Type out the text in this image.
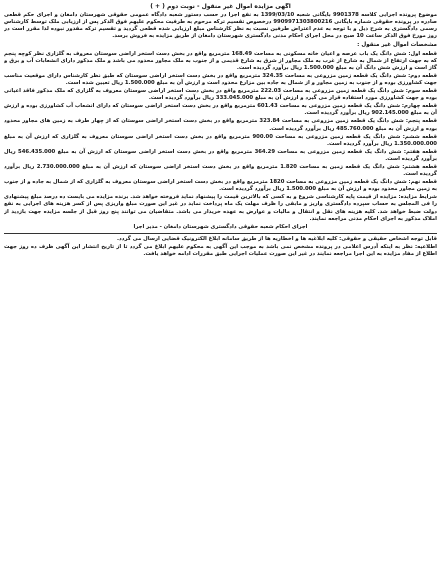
آگهی مزایده اموال غیر منقول - نوبت دوم ( + )
موضوع پرونده اجرایی کلاسه 9901378 بایگانی شعبه 1399/03/10 به نفع اجرا در حسب دستور شعبه دادگاه عمومی حقوقی شهرستان دامغان و اجرای حکم قطعی صادره در پرونده حقوقی شماره بایگانی 9909971303800216 درخصوص تقسیم ترکه مرحوم به طرفیت محکوم علیهم فوق الذکر پس از ارزیابی ملک توسط کارشناس رسمی دادگستری به شرح ذیل و با توجه به عدم اعتراض طرفین نسبت به نظر کارشناس مبلغ ارزیابی شده قطعی گردید و تقسیم ترکه مقدور نبوده لذا مقرر است در روز مورخ فوق الذکر ساعت 10 صبح در محل اجرای احکام مدنی دادگستری شهرستان دامغان از طریق مزایده به فروش برسد.
مشخصات اموال غیر منقول :
قطعه اول: شش دانگ یک باب عرصه و اعیان خانه مسکونی به مساحت 168.49 مترمربع واقع در بخش دست استخر اراضی سوستان معروف به گلزاری نظر کوچه پنجم که به جهت ارتفاع از شمال به شارع از غرب به ملک مجاور از شرق به شارع قدیمی و از جنوب به ملک مجاور محدود می باشد و ملک مذکور دارای انشعابات آب و برق و گاز است و ارزش شش دانگ آن به مبلغ 1.500.000 ریال برآورد گردیده است.
قطعه دوم: شش دانگ یک قطعه زمین مزروعی به مساحت 324.35 مترمربع واقع در بخش دست استخر اراضی سوستان که طبق نظر کارشناس دارای موقعیت مناسب جهت کشاورزی بوده و از جنوب به زمین مجاور و از شمال به جاده بین مزارع محدود است و ارزش آن به مبلغ 1.500.000 ریال تعیین شده است.
قطعه سوم: شش دانگ یک قطعه زمین مزروعی به مساحت 222.03 مترمربع واقع در بخش دست استخر اراضی سوستان معروف به گلزاری که ملک مذکور فاقد اعیانی بوده و جهت کشاورزی مورد استفاده قرار می گیرد و ارزش آن به مبلغ 333.045.000 ریال برآورد گردیده است.
قطعه چهارم: شش دانگ یک قطعه زمین مزروعی به مساحت 601.43 مترمربع واقع در بخش دست استخر اراضی سوستان که دارای انشعاب آب کشاورزی بوده و ارزش آن به مبلغ 902.145.000 ریال برآورد گردیده است.
قطعه پنجم: شش دانگ یک قطعه زمین مزروعی به مساحت 323.84 مترمربع واقع در بخش دست استخر اراضی سوستان که از چهار طرف به زمین های مجاور محدود بوده و ارزش آن به مبلغ 485.760.000 ریال برآورد گردیده است.
قطعه ششم: شش دانگ یک قطعه زمین مزروعی به مساحت 900.00 مترمربع واقع در بخش دست استخر اراضی سوستان معروف به گلزاری که ارزش آن به مبلغ 1.350.000.000 ریال برآورد گردیده است.
قطعه هفتم: شش دانگ یک قطعه زمین مزروعی به مساحت 364.29 مترمربع واقع در بخش دست استخر اراضی سوستان که ارزش آن به مبلغ 546.435.000 ریال برآورد گردیده است.
قطعه هشتم: شش دانگ یک قطعه زمین به مساحت 1.820 مترمربع واقع در بخش دست استخر اراضی سوستان که ارزش آن به مبلغ 2.730.000.000 ریال برآورد گردیده است.
قطعه نهم: شش دانگ یک قطعه زمین مزروعی به مساحت 1820 مترمربع واقع در بخش دست استخر اراضی سوستان معروف به گلزاری که از شمال به جاده و از جنوب به زمین مجاور محدود بوده و ارزش آن به مبلغ 1.500.000 ریال برآورد گردیده است.
شرایط مزایده: مزایده از قیمت پایه کارشناسی شروع و به کسی که بالاترین قیمت را پیشنهاد نماید فروخته خواهد شد. برنده مزایده می بایست ده درصد مبلغ پیشنهادی را فی المجلس به حساب سپرده دادگستری واریز و مابقی را ظرف مهلت یک ماه پرداخت نماید در غیر این صورت مبلغ واریزی پس از کسر هزینه های اجرایی به نفع دولت ضبط خواهد شد. کلیه هزینه های نقل و انتقال و مالیات و عوارض به عهده خریدار می باشد. متقاضیان می توانند پنج روز قبل از جلسه مزایده جهت بازدید از املاک مذکور به اجرای احکام مدنی مراجعه نمایند.
اجرای احکام شعبه حقوقی دادگستری شهرستان دامغان - مدیر اجرا
قابل توجه اشخاص حقیقی و حقوقی: کلیه ابلاغیه ها و اخطاریه ها از طریق سامانه ابلاغ الکترونیک قضایی ارسال می گردد.
اطلاعیه: نظر به اینکه آدرس اعلامی در پرونده مشخص نمی باشد به موجب این آگهی به محکوم علیهم ابلاغ می گردد تا از تاریخ انتشار این آگهی ظرف ده روز جهت اطلاع از مفاد مزایده به این اجرا مراجعه نمایند در غیر این صورت عملیات اجرایی طبق مقررات ادامه خواهد یافت.
